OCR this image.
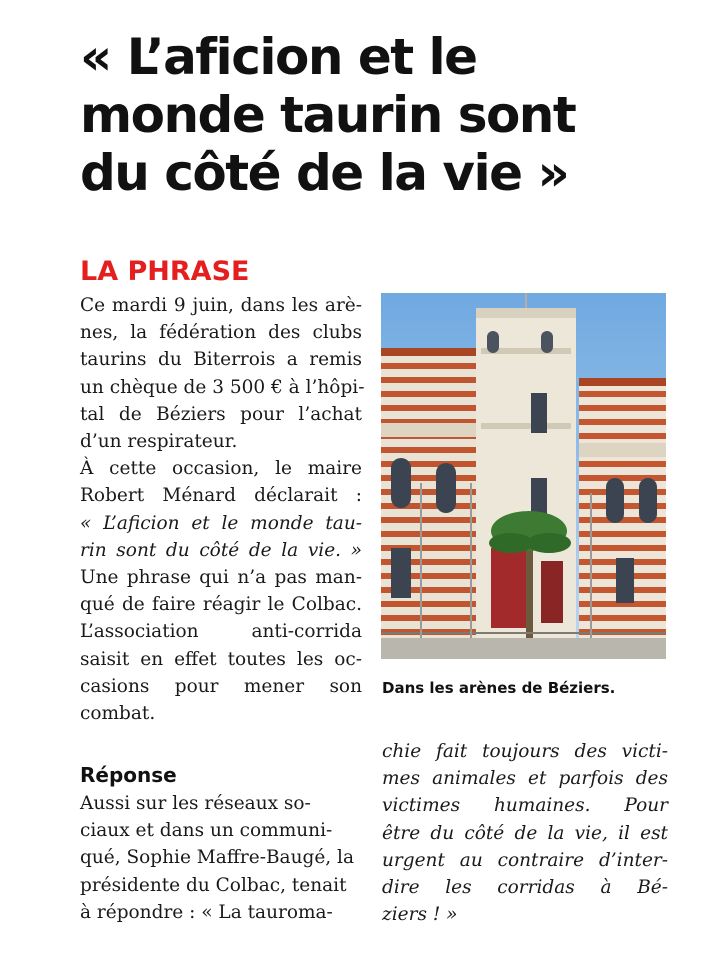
« L’aficion et le
monde taurin sont
du côté de la vie »
LA PHRASE
Ce mardi 9 juin, dans les arè-
nes, la fédération des clubs
taurins du Biterrois a remis
un chèque de 3 500 € à l’hôpi-
tal de Béziers pour l’achat
d’un respirateur.
À cette occasion, le maire
Robert Ménard déclarait :
« L’aficion et le monde tau-
rin sont du côté de la vie. »
Une phrase qui n’a pas man-
qué de faire réagir le Colbac.
L’association anti-corrida
saisit en effet toutes les oc-
casions pour mener son
combat.
Réponse
Aussi sur les réseaux so- ciaux et dans un communi- qué, Sophie Maffre-Baugé, la présidente du Colbac, tenait à répondre : « La tauroma-
chie fait toujours des victi-
mes animales et parfois des
victimes humaines. Pour
être du côté de la vie, il est
urgent au contraire d’inter-
dire les corridas à Bé-
ziers ! »
Dans les arènes de Béziers.
